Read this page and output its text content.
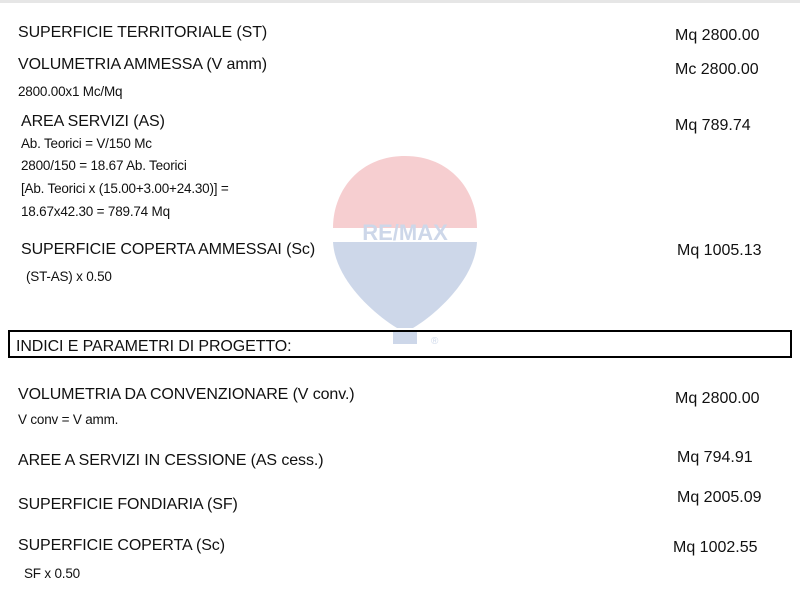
RE/MAX
®
SUPERFICIE TERRITORIALE (ST)	Mq 2800.00
VOLUMETRIA AMMESSA (V amm)	Mc 2800.00
2800.00x1 Mc/Mq
AREA SERVIZI (AS)	Mq 789.74
Ab. Teorici = V/150 Mc
2800/150 = 18.67 Ab. Teorici
[Ab. Teorici x (15.00+3.00+24.30)] =
18.67x42.30 = 789.74 Mq
SUPERFICIE COPERTA AMMESSAI (Sc)	Mq 1005.13
(ST-AS) x 0.50
INDICI E PARAMETRI DI PROGETTO:
VOLUMETRIA DA CONVENZIONARE (V conv.)	Mq 2800.00
V conv = V amm.
AREE A SERVIZI IN CESSIONE (AS cess.)	Mq 794.91
SUPERFICIE FONDIARIA (SF)	Mq 2005.09
SUPERFICIE COPERTA (Sc)	Mq 1002.55
SF x 0.50
